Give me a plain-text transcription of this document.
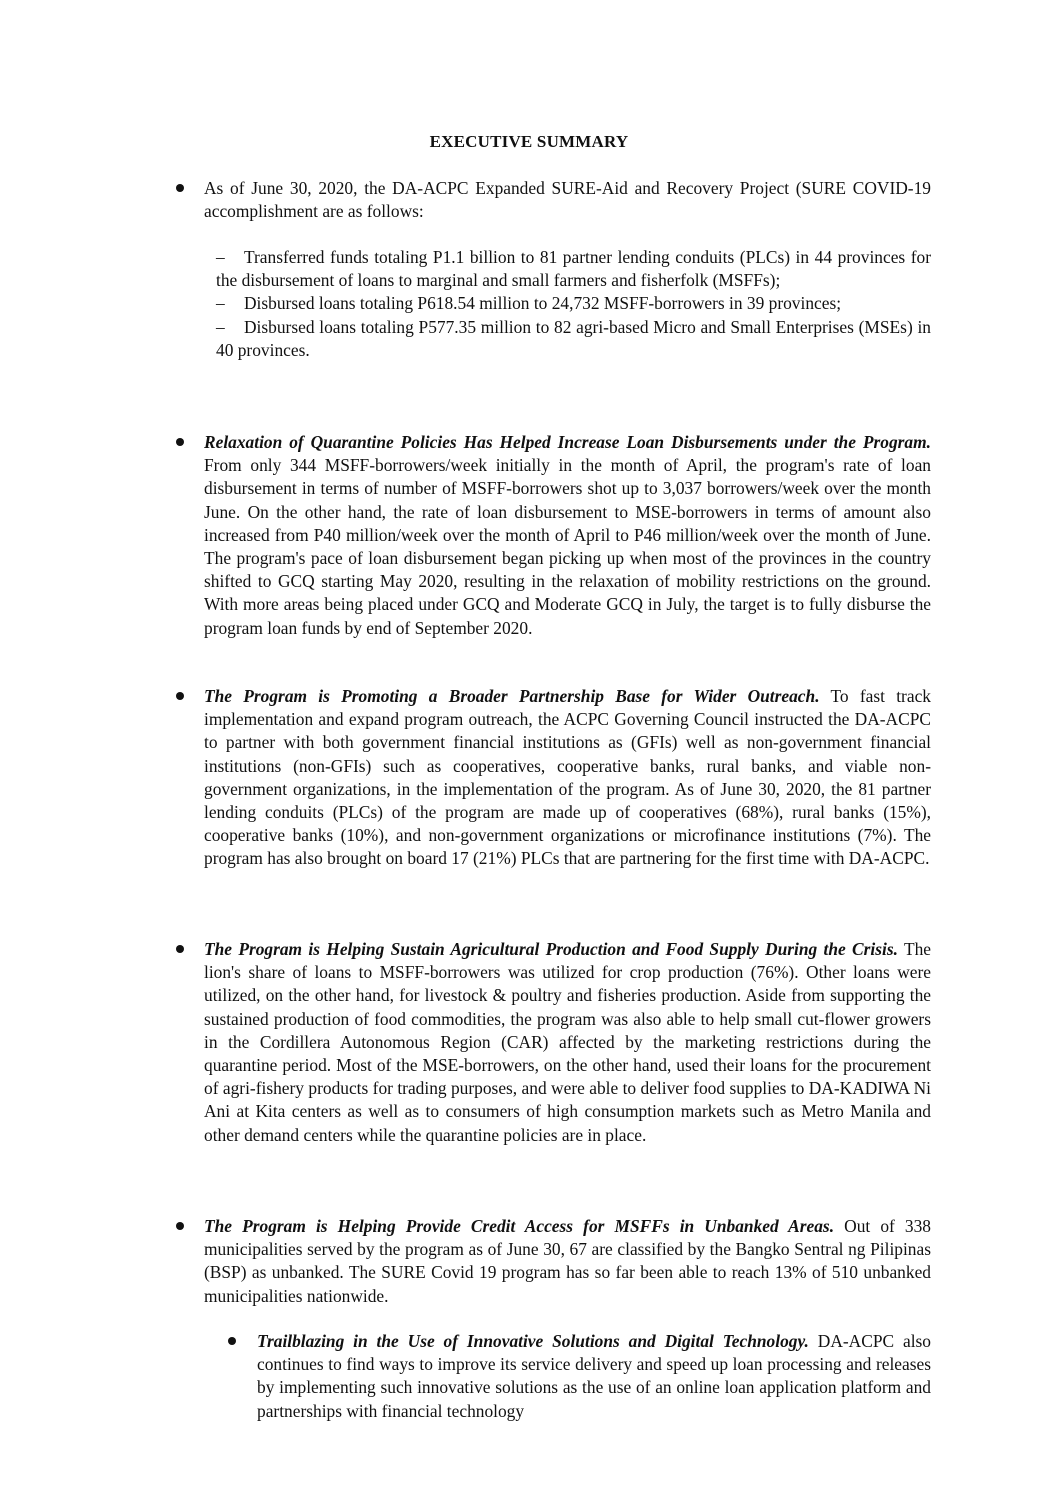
EXECUTIVE SUMMARY

As of June 30, 2020, the DA-ACPC Expanded SURE-Aid and Recovery Project (SURE COVID-19 accomplishment are as follows:

– Transferred funds totaling P1.1 billion to 81 partner lending conduits (PLCs) in 44 provinces for the disbursement of loans to marginal and small farmers and fisherfolk (MSFFs);

– Disbursed loans totaling P618.54 million to 24,732 MSFF-borrowers in 39 provinces;

– Disbursed loans totaling P577.35 million to 82 agri-based Micro and Small Enterprises (MSEs) in 40 provinces.

Relaxation of Quarantine Policies Has Helped Increase Loan Disbursements under the Program. From only 344 MSFF-borrowers/week initially in the month of April, the program's rate of loan disbursement in terms of number of MSFF-borrowers shot up to 3,037 borrowers/week over the month June. On the other hand, the rate of loan disbursement to MSE-borrowers in terms of amount also increased from P40 million/week over the month of April to P46 million/week over the month of June. The program's pace of loan disbursement began picking up when most of the provinces in the country shifted to GCQ starting May 2020, resulting in the relaxation of mobility restrictions on the ground. With more areas being placed under GCQ and Moderate GCQ in July, the target is to fully disburse the program loan funds by end of September 2020.

The Program is Promoting a Broader Partnership Base for Wider Outreach. To fast track implementation and expand program outreach, the ACPC Governing Council instructed the DA-ACPC to partner with both government financial institutions as (GFIs) well as non-government financial institutions (non-GFIs) such as cooperatives, cooperative banks, rural banks, and viable non-government organizations, in the implementation of the program. As of June 30, 2020, the 81 partner lending conduits (PLCs) of the program are made up of cooperatives (68%), rural banks (15%), cooperative banks (10%), and non-government organizations or microfinance institutions (7%). The program has also brought on board 17 (21%) PLCs that are partnering for the first time with DA-ACPC.

The Program is Helping Sustain Agricultural Production and Food Supply During the Crisis. The lion's share of loans to MSFF-borrowers was utilized for crop production (76%). Other loans were utilized, on the other hand, for livestock & poultry and fisheries production. Aside from supporting the sustained production of food commodities, the program was also able to help small cut-flower growers in the Cordillera Autonomous Region (CAR) affected by the marketing restrictions during the quarantine period. Most of the MSE-borrowers, on the other hand, used their loans for the procurement of agri-fishery products for trading purposes, and were able to deliver food supplies to DA-KADIWA Ni Ani at Kita centers as well as to consumers of high consumption markets such as Metro Manila and other demand centers while the quarantine policies are in place.

The Program is Helping Provide Credit Access for MSFFs in Unbanked Areas. Out of 338 municipalities served by the program as of June 30, 67 are classified by the Bangko Sentral ng Pilipinas (BSP) as unbanked. The SURE Covid 19 program has so far been able to reach 13% of 510 unbanked municipalities nationwide.

Trailblazing in the Use of Innovative Solutions and Digital Technology. DA-ACPC also continues to find ways to improve its service delivery and speed up loan processing and releases by implementing such innovative solutions as the use of an online loan application platform and partnerships with financial technology
